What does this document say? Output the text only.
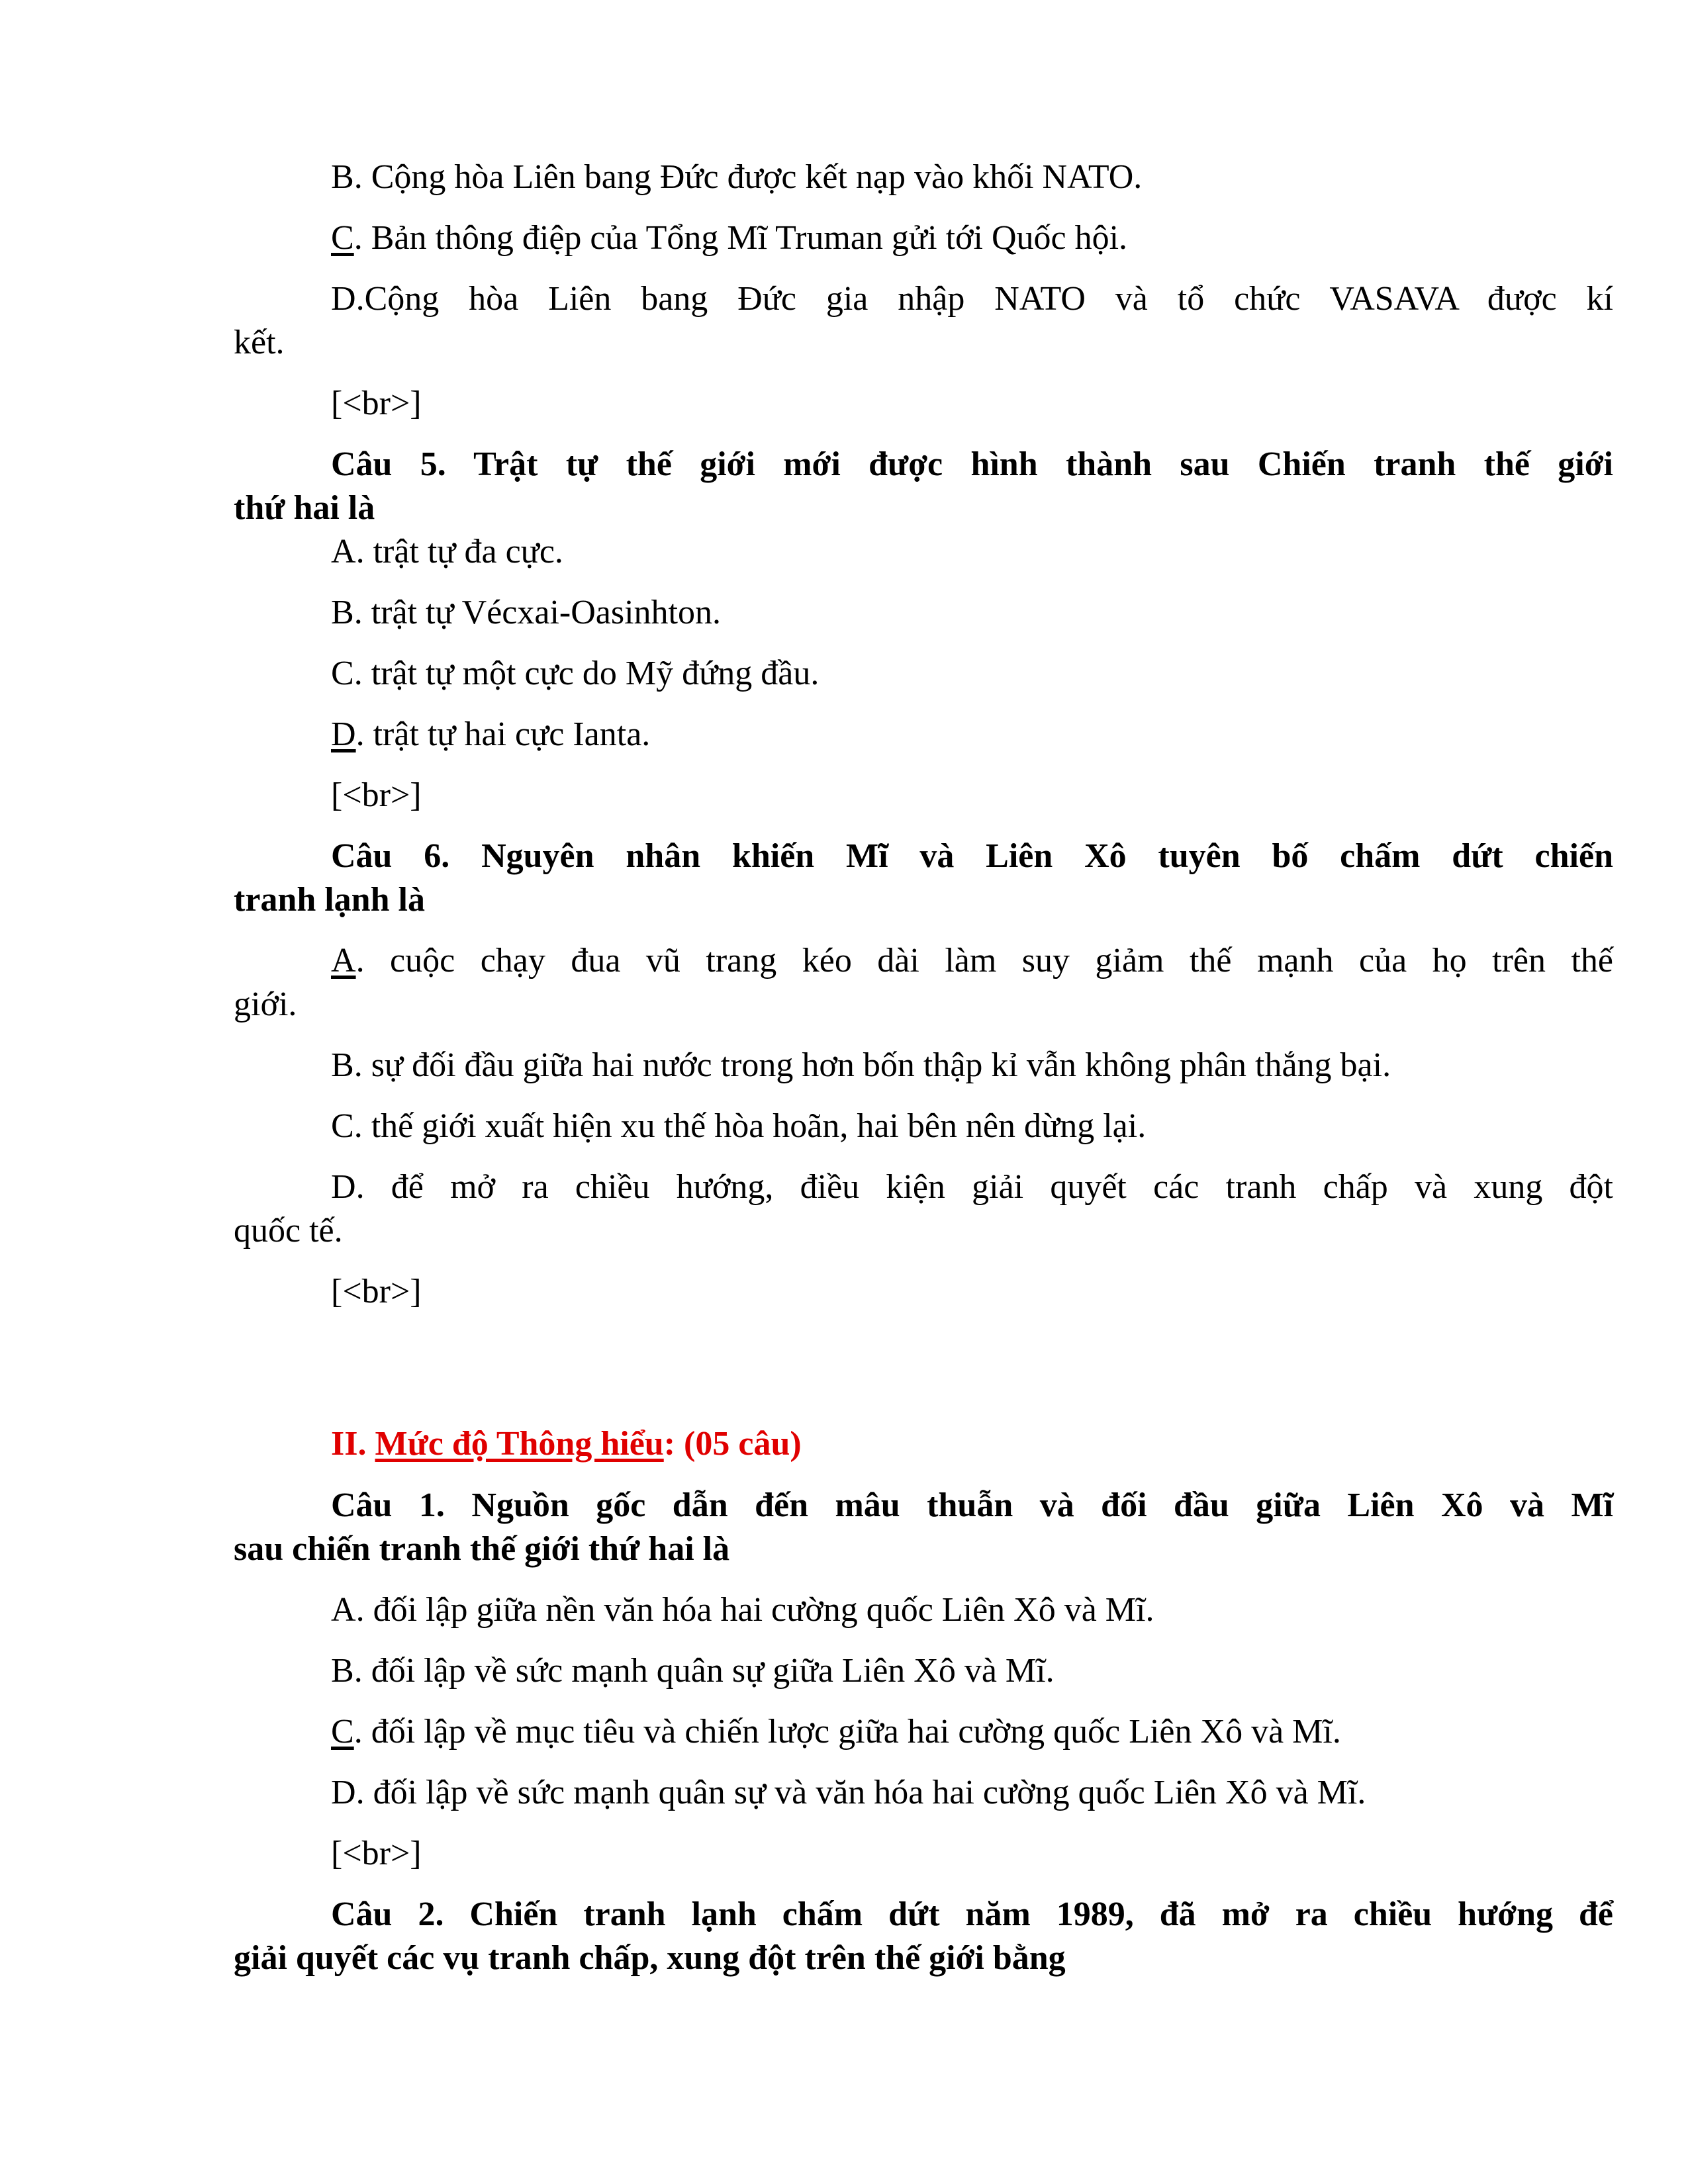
B. Cộng hòa Liên bang Đức được kết nạp vào khối NATO.
C. Bản thông điệp của Tổng Mĩ Truman gửi tới Quốc hội.
D.Cộng hòa Liên bang Đức gia nhập NATO và tổ chức VASAVA được kí
kết.
[<br>]
Câu 5. Trật tự thế giới mới được hình thành sau Chiến tranh thế giới
thứ hai là
A. trật tự đa cực.
B. trật tự Vécxai-Oasinhton.
C. trật tự một cực do Mỹ đứng đầu.
D. trật tự hai cực Ianta.
[<br>]
Câu 6. Nguyên nhân khiến Mĩ và Liên Xô tuyên bố chấm dứt chiến
tranh lạnh là
A. cuộc chạy đua vũ trang kéo dài làm suy giảm thế mạnh của họ trên thế
giới.
B. sự đối đầu giữa hai nước trong hơn bốn thập kỉ vẫn không phân thắng bại.
C. thế giới xuất hiện xu thế hòa hoãn, hai bên nên dừng lại.
D. để mở ra chiều hướng, điều kiện giải quyết các tranh chấp và xung đột
quốc tế.
[<br>]
II. Mức độ Thông hiểu: (05 câu)
Câu 1. Nguồn gốc dẫn đến mâu thuẫn và đối đầu giữa Liên Xô và Mĩ
sau chiến tranh thế giới thứ hai là
A. đối lập giữa nền văn hóa hai cường quốc Liên Xô và Mĩ.
B. đối lập về sức mạnh quân sự giữa Liên Xô và Mĩ.
C. đối lập về mục tiêu và chiến lược giữa hai cường quốc Liên Xô và Mĩ.
D. đối lập về sức mạnh quân sự và văn hóa hai cường quốc Liên Xô và Mĩ.
[<br>]
Câu 2. Chiến tranh lạnh chấm dứt năm 1989, đã mở ra chiều hướng để
giải quyết các vụ tranh chấp, xung đột trên thế giới bằng
